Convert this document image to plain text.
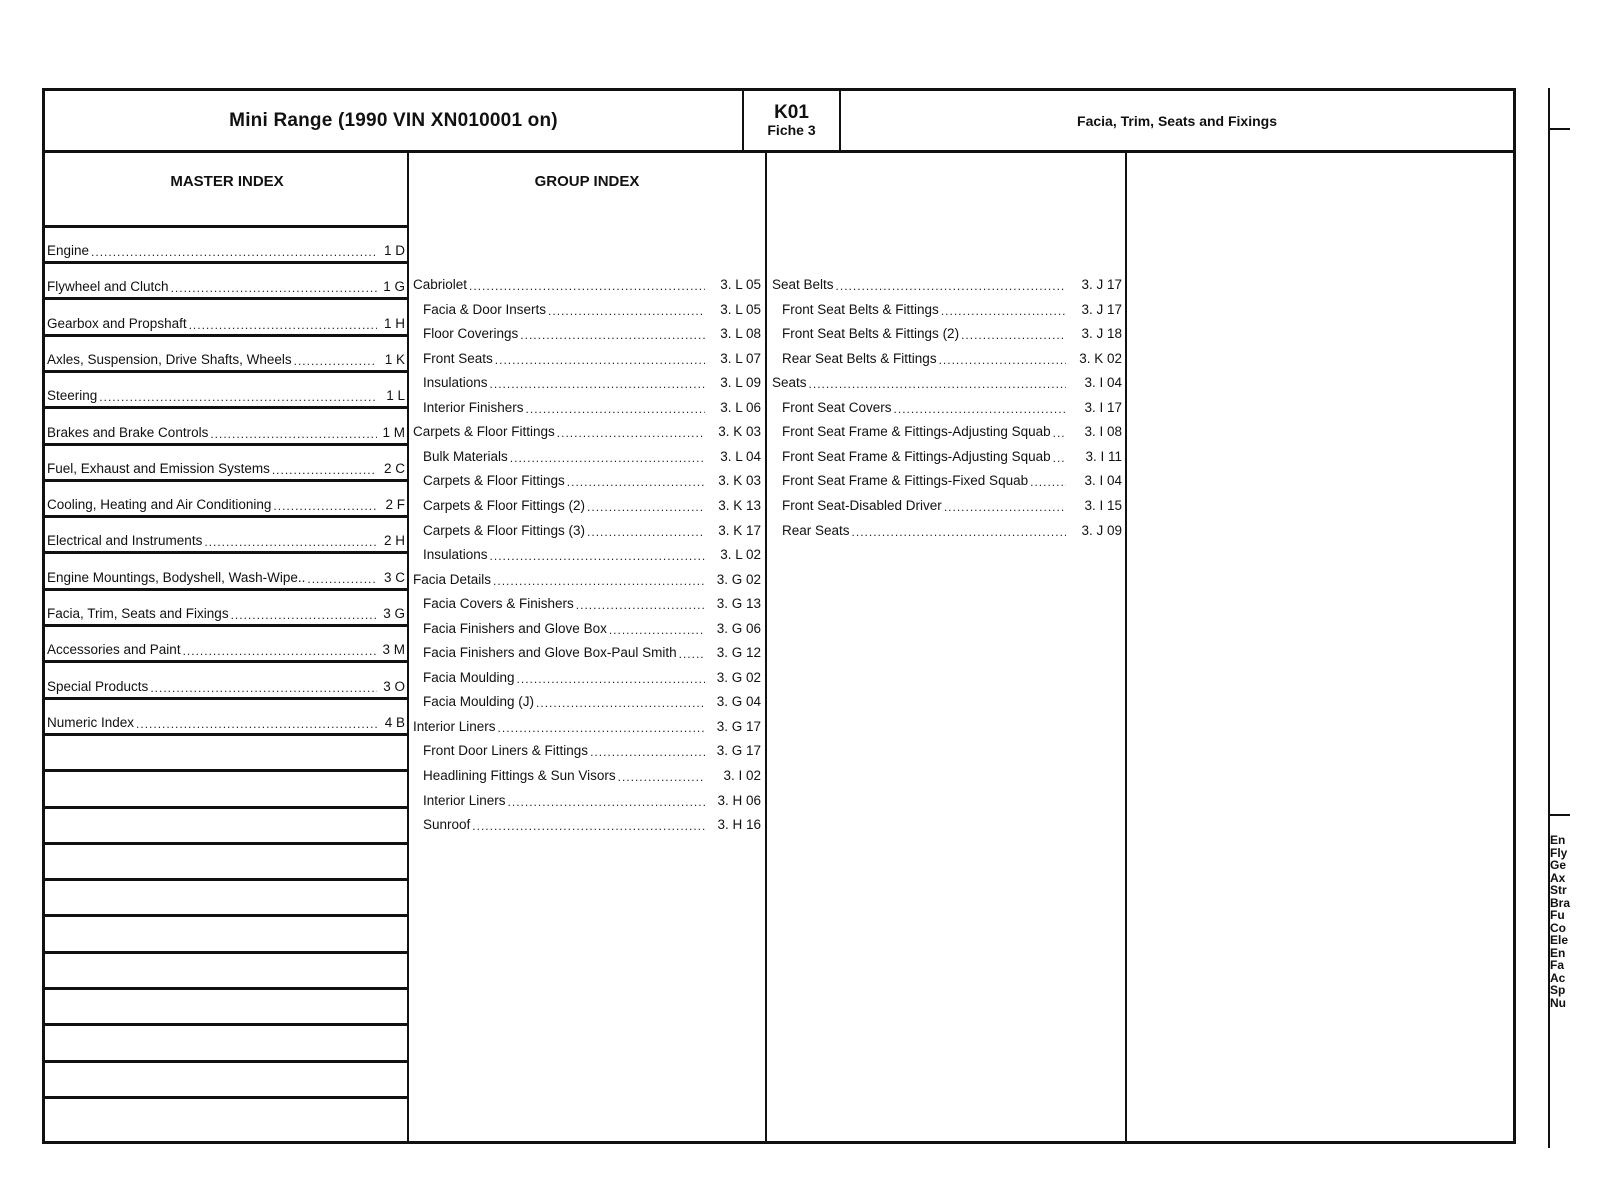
Mini Range (1990 VIN XN010001 on)	K01
Fiche 3
Facia, Trim, Seats and Fixings
MASTER INDEX	GROUP INDEX
Engine .....	1 D
Flywheel and Clutch .....	1 G
Gearbox and Propshaft .....	1 H
Axles, Suspension, Drive Shafts, Wheels .....	1 K
Steering .....	1 L
Brakes and Brake Controls .....	1 M
Fuel, Exhaust and Emission Systems .....	2 C
Cooling, Heating and Air Conditioning .....	2 F
Electrical and Instruments .....	2 H
Engine Mountings, Bodyshell, Wash-Wipe.. .....	3 C
Facia, Trim, Seats and Fixings .....	3 G
Accessories and Paint .....	3 M
Special Products .....	3 O
Numeric Index .....	4 B
Cabriolet .....	3. L 05
Facia & Door Inserts .....	3. L 05
Floor Coverings .....	3. L 08
Front Seats .....	3. L 07
Insulations .....	3. L 09
Interior Finishers .....	3. L 06
Carpets & Floor Fittings .....	3. K 03
Bulk Materials .....	3. L 04
Carpets & Floor Fittings .....	3. K 03
Carpets & Floor Fittings (2) .....	3. K 13
Carpets & Floor Fittings (3) .....	3. K 17
Insulations .....	3. L 02
Facia Details .....	3. G 02
Facia Covers & Finishers .....	3. G 13
Facia Finishers and Glove Box .....	3. G 06
Facia Finishers and Glove Box-Paul Smith .....	3. G 12
Facia Moulding .....	3. G 02
Facia Moulding (J) .....	3. G 04
Interior Liners .....	3. G 17
Front Door Liners & Fittings .....	3. G 17
Headlining Fittings & Sun Visors .....	3. I 02
Interior Liners .....	3. H 06
Sunroof .....	3. H 16
Seat Belts .....	3. J 17
Front Seat Belts & Fittings .....	3. J 17
Front Seat Belts & Fittings (2) .....	3. J 18
Rear Seat Belts & Fittings .....	3. K 02
Seats .....	3. I 04
Front Seat Covers .....	3. I 17
Front Seat Frame & Fittings-Adjusting Squab .....	3. I 08
Front Seat Frame & Fittings-Adjusting Squab .....	3. I 11
Front Seat Frame & Fittings-Fixed Squab .....	3. I 04
Front Seat-Disabled Driver .....	3. I 15
Rear Seats .....	3. J 09
En
Fly
Ge
Ax
Str
Bra
Fu
Co
Ele
En
Fa
Ac
Sp
Nu
